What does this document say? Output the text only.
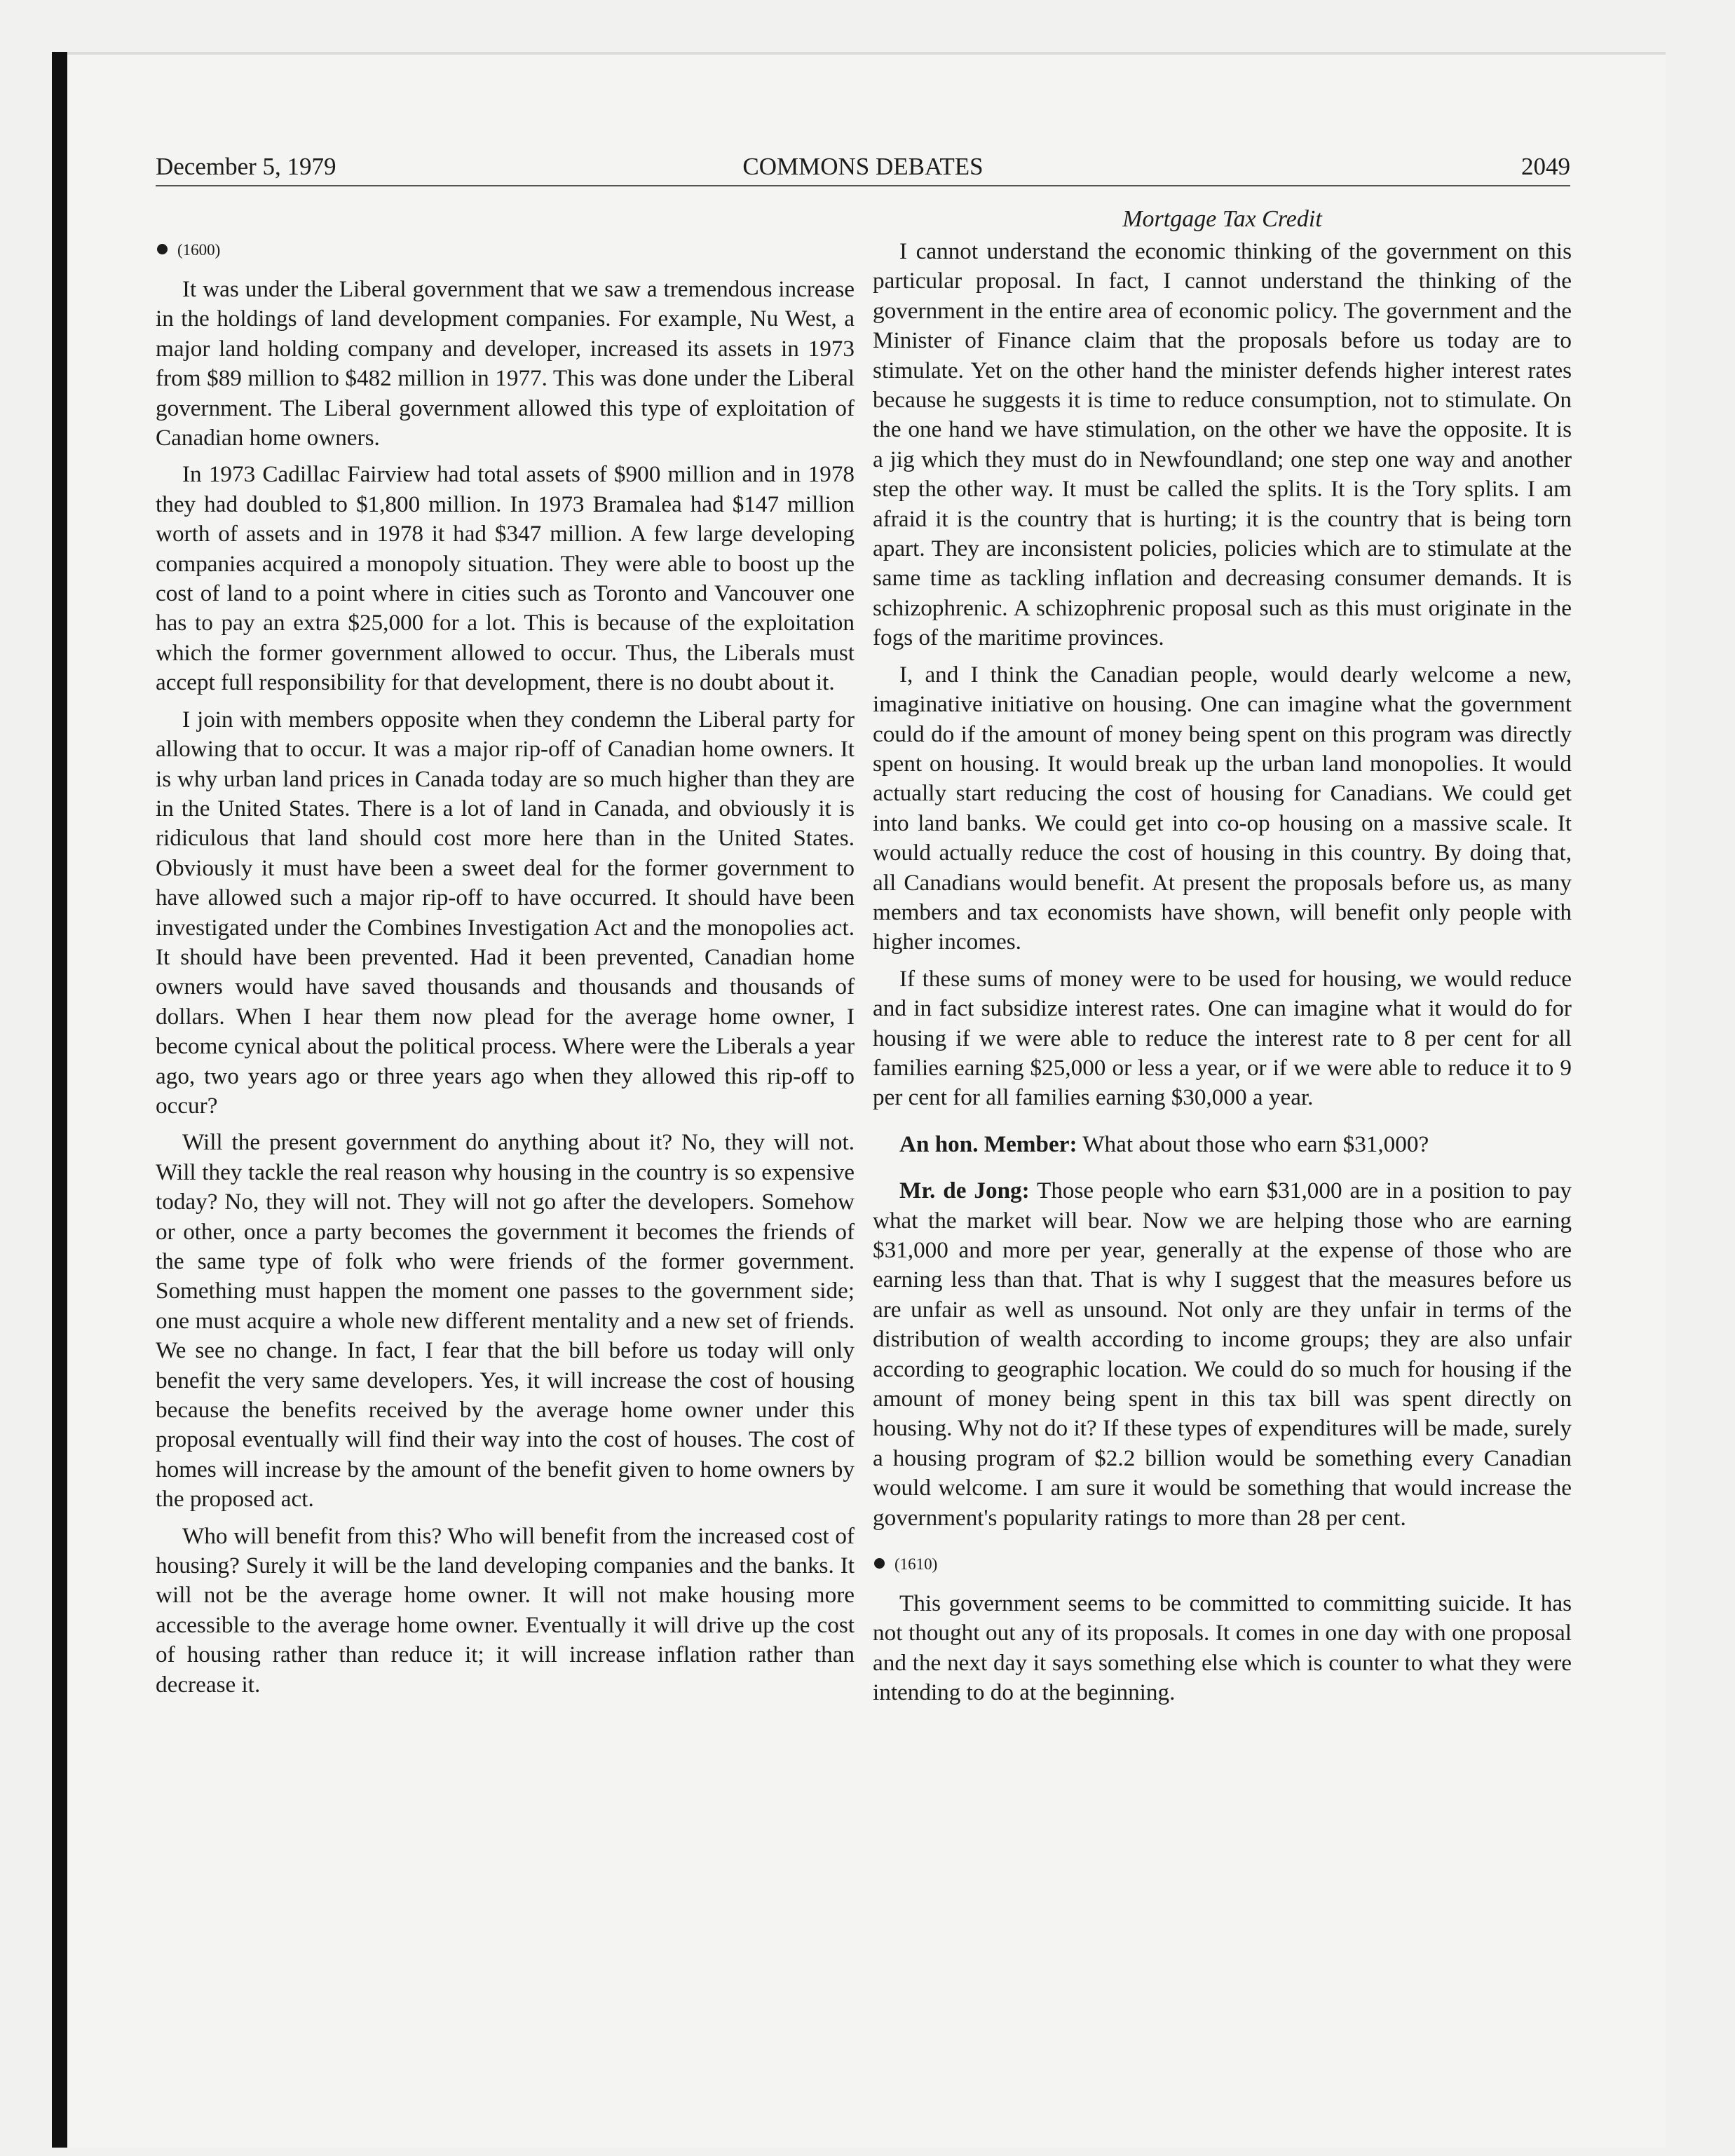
December 5, 1979	COMMONS DEBATES	2049
(1600)

It was under the Liberal government that we saw a tremendous increase in the holdings of land development companies. For example, Nu West, a major land holding company and developer, increased its assets in 1973 from $89 million to $482 million in 1977. This was done under the Liberal government. The Liberal government allowed this type of exploitation of Canadian home owners.

In 1973 Cadillac Fairview had total assets of $900 million and in 1978 they had doubled to $1,800 million. In 1973 Bramalea had $147 million worth of assets and in 1978 it had $347 million. A few large developing companies acquired a monopoly situation. They were able to boost up the cost of land to a point where in cities such as Toronto and Vancouver one has to pay an extra $25,000 for a lot. This is because of the exploitation which the former government allowed to occur. Thus, the Liberals must accept full responsibility for that development, there is no doubt about it.

I join with members opposite when they condemn the Liberal party for allowing that to occur. It was a major rip-off of Canadian home owners. It is why urban land prices in Canada today are so much higher than they are in the United States. There is a lot of land in Canada, and obviously it is ridiculous that land should cost more here than in the United States. Obviously it must have been a sweet deal for the former government to have allowed such a major rip-off to have occurred. It should have been investigated under the Combines Investigation Act and the monopolies act. It should have been prevented. Had it been prevented, Canadian home owners would have saved thousands and thousands and thousands of dollars. When I hear them now plead for the average home owner, I become cynical about the political process. Where were the Liberals a year ago, two years ago or three years ago when they allowed this rip-off to occur?

Will the present government do anything about it? No, they will not. Will they tackle the real reason why housing in the country is so expensive today? No, they will not. They will not go after the developers. Somehow or other, once a party becomes the government it becomes the friends of the same type of folk who were friends of the former government. Something must happen the moment one passes to the government side; one must acquire a whole new different mentality and a new set of friends. We see no change. In fact, I fear that the bill before us today will only benefit the very same developers. Yes, it will increase the cost of housing because the benefits received by the average home owner under this proposal eventually will find their way into the cost of houses. The cost of homes will increase by the amount of the benefit given to home owners by the proposed act.

Who will benefit from this? Who will benefit from the increased cost of housing? Surely it will be the land developing companies and the banks. It will not be the average home owner. It will not make housing more accessible to the average home owner. Eventually it will drive up the cost of housing rather than reduce it; it will increase inflation rather than decrease it.

Mortgage Tax Credit

I cannot understand the economic thinking of the government on this particular proposal. In fact, I cannot understand the thinking of the government in the entire area of economic policy. The government and the Minister of Finance claim that the proposals before us today are to stimulate. Yet on the other hand the minister defends higher interest rates because he suggests it is time to reduce consumption, not to stimulate. On the one hand we have stimulation, on the other we have the opposite. It is a jig which they must do in Newfoundland; one step one way and another step the other way. It must be called the splits. It is the Tory splits. I am afraid it is the country that is hurting; it is the country that is being torn apart. They are inconsistent policies, policies which are to stimulate at the same time as tackling inflation and decreasing consumer demands. It is schizophrenic. A schizophrenic proposal such as this must originate in the fogs of the maritime provinces.

I, and I think the Canadian people, would dearly welcome a new, imaginative initiative on housing. One can imagine what the government could do if the amount of money being spent on this program was directly spent on housing. It would break up the urban land monopolies. It would actually start reducing the cost of housing for Canadians. We could get into land banks. We could get into co-op housing on a massive scale. It would actually reduce the cost of housing in this country. By doing that, all Canadians would benefit. At present the proposals before us, as many members and tax economists have shown, will benefit only people with higher incomes.

If these sums of money were to be used for housing, we would reduce and in fact subsidize interest rates. One can imagine what it would do for housing if we were able to reduce the interest rate to 8 per cent for all families earning $25,000 or less a year, or if we were able to reduce it to 9 per cent for all families earning $30,000 a year.

An hon. Member: What about those who earn $31,000?

Mr. de Jong: Those people who earn $31,000 are in a position to pay what the market will bear. Now we are helping those who are earning $31,000 and more per year, generally at the expense of those who are earning less than that. That is why I suggest that the measures before us are unfair as well as unsound. Not only are they unfair in terms of the distribution of wealth according to income groups; they are also unfair according to geographic location. We could do so much for housing if the amount of money being spent in this tax bill was spent directly on housing. Why not do it? If these types of expenditures will be made, surely a housing program of $2.2 billion would be something every Canadian would welcome. I am sure it would be something that would increase the government's popularity ratings to more than 28 per cent.

(1610)

This government seems to be committed to committing suicide. It has not thought out any of its proposals. It comes in one day with one proposal and the next day it says something else which is counter to what they were intending to do at the beginning.
